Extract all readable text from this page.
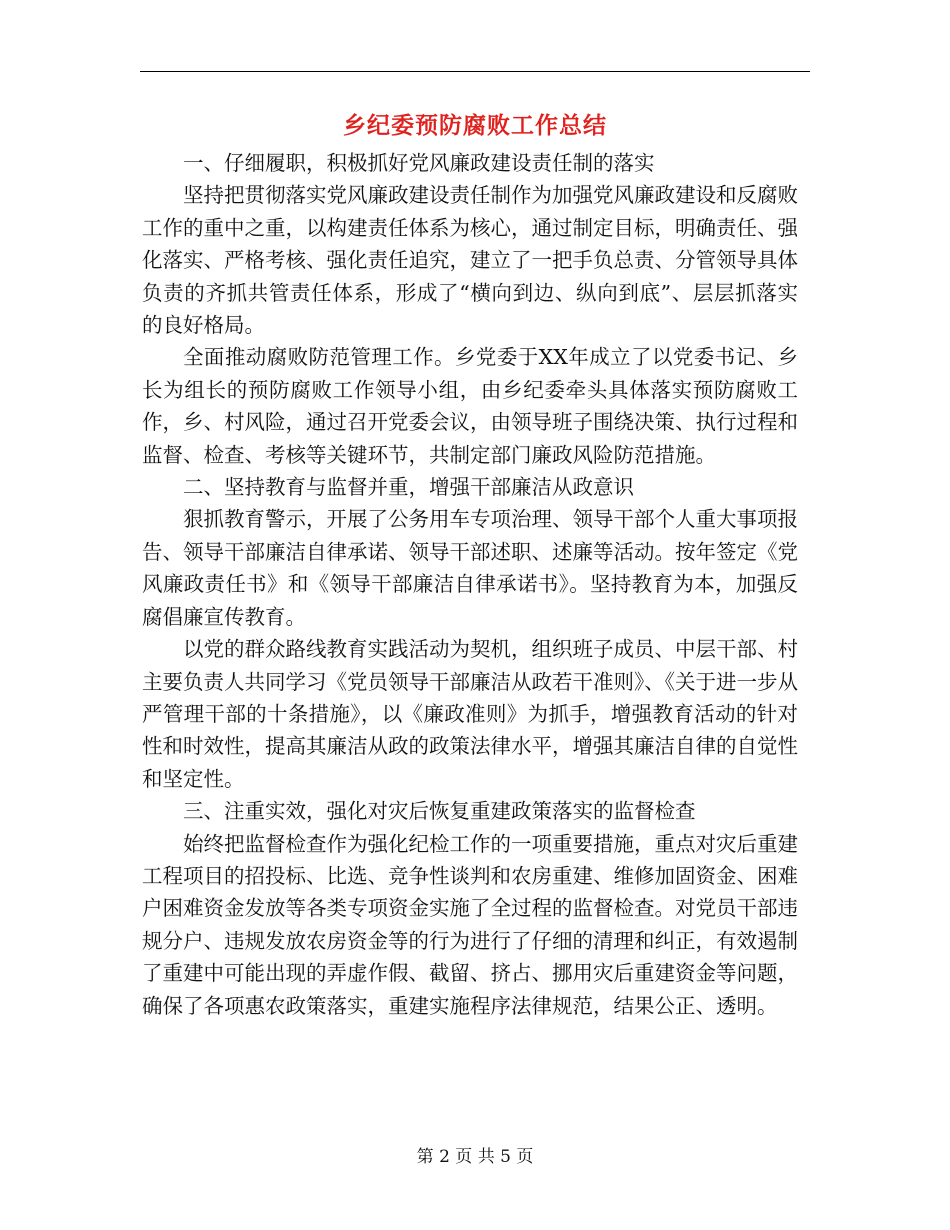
乡纪委预防腐败工作总结

一、仔细履职，积极抓好党风廉政建设责任制的落实

坚持把贯彻落实党风廉政建设责任制作为加强党风廉政建设和反腐败工作的重中之重，以构建责任体系为核心，通过制定目标，明确责任、强化落实、严格考核、强化责任追究，建立了一把手负总责、分管领导具体负责的齐抓共管责任体系，形成了“横向到边、纵向到底”、层层抓落实的良好格局。

全面推动腐败防范管理工作。乡党委于XX年成立了以党委书记、乡长为组长的预防腐败工作领导小组，由乡纪委牵头具体落实预防腐败工作，乡、村风险，通过召开党委会议，由领导班子围绕决策、执行过程和监督、检查、考核等关键环节，共制定部门廉政风险防范措施。

二、坚持教育与监督并重，增强干部廉洁从政意识

狠抓教育警示，开展了公务用车专项治理、领导干部个人重大事项报告、领导干部廉洁自律承诺、领导干部述职、述廉等活动。按年签定《党风廉政责任书》和《领导干部廉洁自律承诺书》。坚持教育为本，加强反腐倡廉宣传教育。

以党的群众路线教育实践活动为契机，组织班子成员、中层干部、村主要负责人共同学习《党员领导干部廉洁从政若干准则》、《关于进一步从严管理干部的十条措施》，以《廉政准则》为抓手，增强教育活动的针对性和时效性，提高其廉洁从政的政策法律水平，增强其廉洁自律的自觉性和坚定性。

三、注重实效，强化对灾后恢复重建政策落实的监督检查

始终把监督检查作为强化纪检工作的一项重要措施，重点对灾后重建工程项目的招投标、比选、竞争性谈判和农房重建、维修加固资金、困难户困难资金发放等各类专项资金实施了全过程的监督检查。对党员干部违规分户、违规发放农房资金等的行为进行了仔细的清理和纠正，有效遏制了重建中可能出现的弄虚作假、截留、挤占、挪用灾后重建资金等问题，确保了各项惠农政策落实，重建实施程序法律规范，结果公正、透明。

第 2 页 共 5 页
